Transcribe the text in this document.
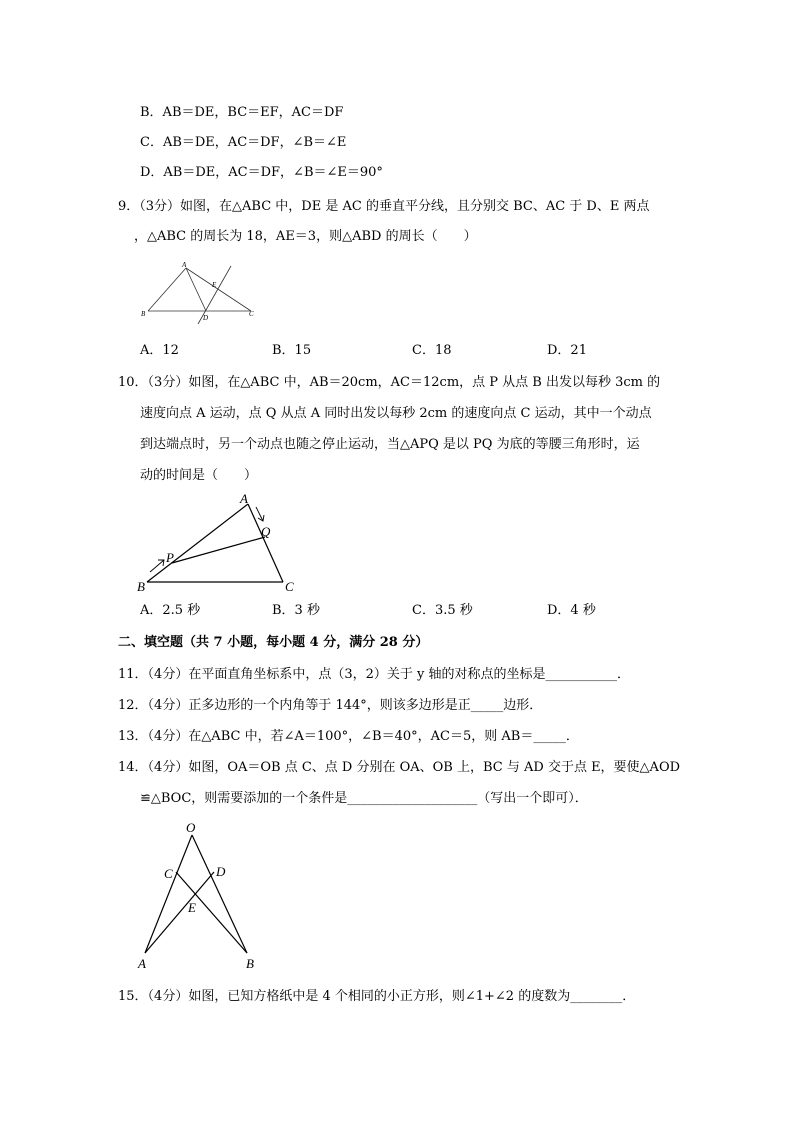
B．AB＝DE，BC＝EF，AC＝DF
C．AB＝DE，AC＝DF，∠B＝∠E
D．AB＝DE，AC＝DF，∠B＝∠E＝90°
9．（3分）如图，在△ABC 中，DE 是 AC 的垂直平分线，且分别交 BC、AC 于 D、E 两点
，△ABC 的周长为 18，AE＝3，则△ABD 的周长（　　）
A
B	C
D
E
A．12	B．15	C．18	D．21
10．（3分）如图，在△ABC 中，AB＝20cm，AC＝12cm，点 P 从点 B 出发以每秒 3cm 的
速度向点 A 运动，点 Q 从点 A 同时出发以每秒 2cm 的速度向点 C 运动，其中一个动点
到达端点时，另一个动点也随之停止运动，当△APQ 是以 PQ 为底的等腰三角形时，运
动的时间是（　　）
A
B	C
P
Q
A．2.5 秒	B．3 秒	C．3.5 秒	D．4 秒
二、填空题（共 7 小题，每小题 4 分，满分 28 分）
11．（4分）在平面直角坐标系中，点（3，2）关于 y 轴的对称点的坐标是___________．
12．（4分）正多边形的一个内角等于 144°，则该多边形是正_____边形．
13．（4分）在△ABC 中，若∠A＝100°，∠B＝40°，AC＝5，则 AB＝_____．
14．（4分）如图，OA＝OB 点 C、点 D 分别在 OA、OB 上，BC 与 AD 交于点 E，要使△AOD
≌△BOC，则需要添加的一个条件是____________________（写出一个即可）．
O
C	D
E
A	B
15．（4分）如图，已知方格纸中是 4 个相同的小正方形，则∠1+∠2 的度数为________．
